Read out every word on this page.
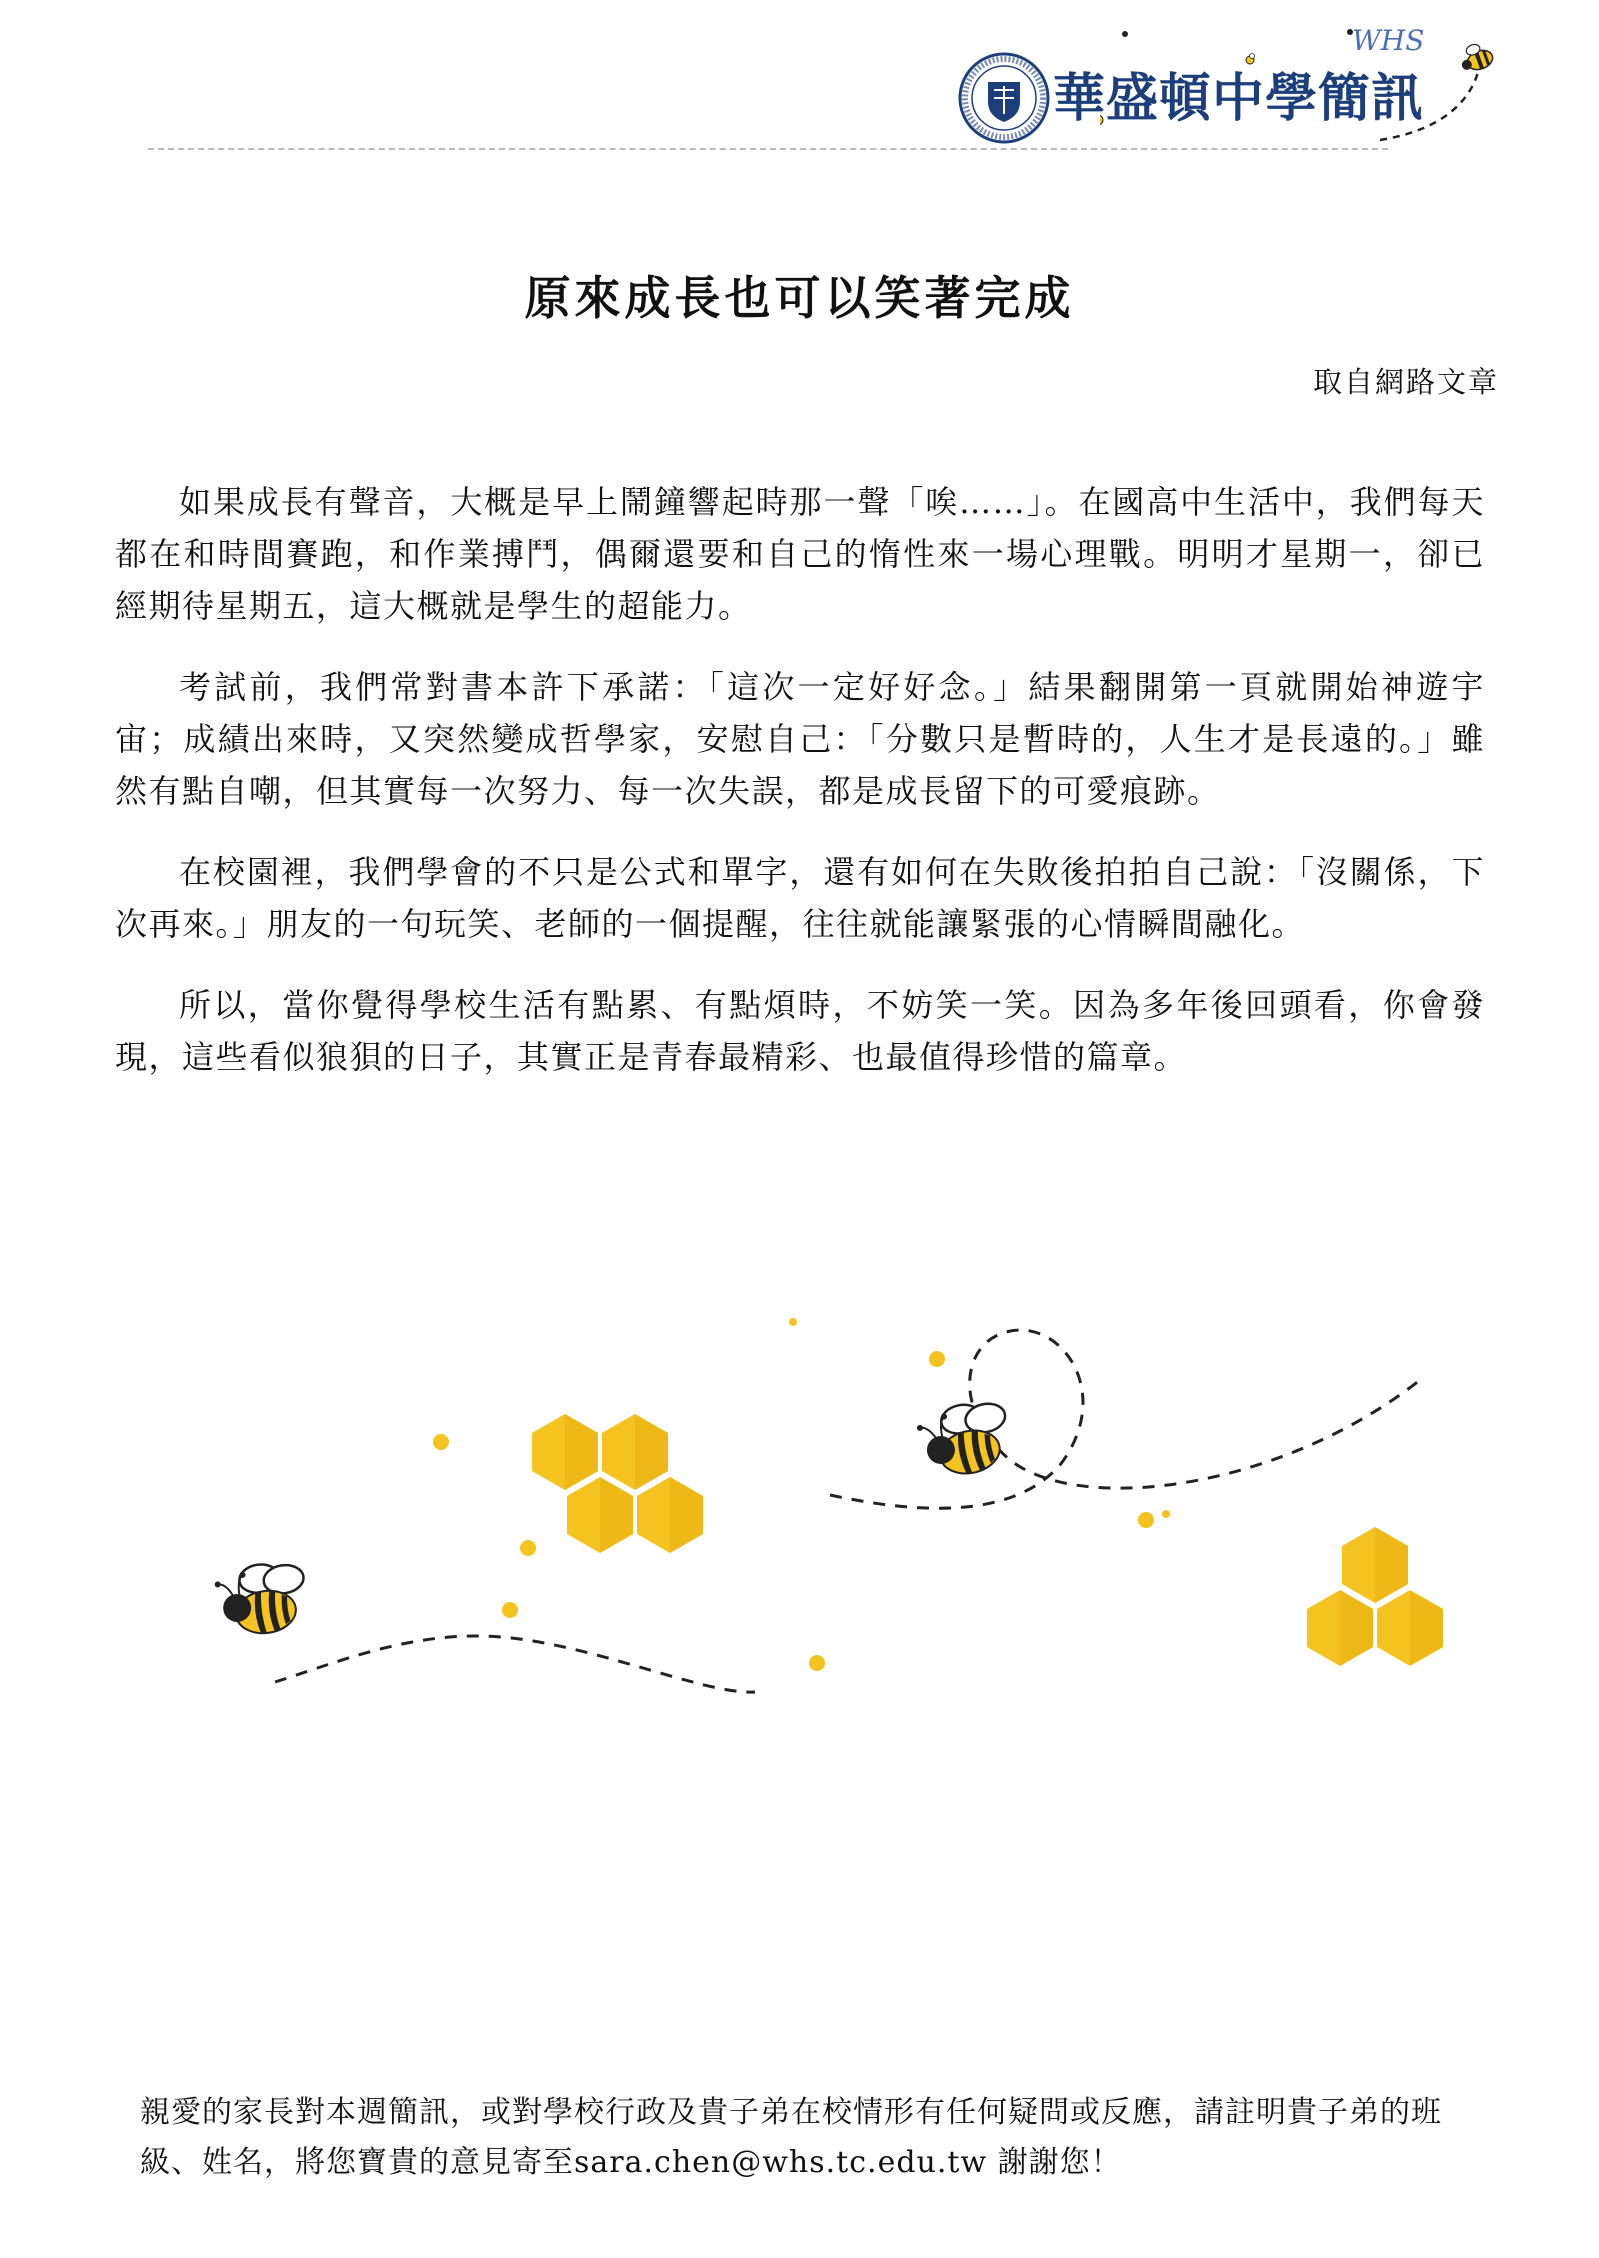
華盛頓中學簡訊
WHS
原來成長也可以笑著完成
取自網路文章

如果成長有聲音，大概是早上鬧鐘響起時那一聲「唉……」。在國高中生活中，我們每天都在和時間賽跑，和作業搏鬥，偶爾還要和自己的惰性來一場心理戰。明明才星期一，卻已經期待星期五，這大概就是學生的超能力。

考試前，我們常對書本許下承諾：「這次一定好好念。」結果翻開第一頁就開始神遊宇宙；成績出來時，又突然變成哲學家，安慰自己：「分數只是暫時的，人生才是長遠的。」雖然有點自嘲，但其實每一次努力、每一次失誤，都是成長留下的可愛痕跡。

在校園裡，我們學會的不只是公式和單字，還有如何在失敗後拍拍自己說：「沒關係，下次再來。」朋友的一句玩笑、老師的一個提醒，往往就能讓緊張的心情瞬間融化。

所以，當你覺得學校生活有點累、有點煩時，不妨笑一笑。因為多年後回頭看，你會發現，這些看似狼狽的日子，其實正是青春最精彩、也最值得珍惜的篇章。

親愛的家長對本週簡訊，或對學校行政及貴子弟在校情形有任何疑問或反應，請註明貴子弟的班級、姓名，將您寶貴的意見寄至sara.chen@whs.tc.edu.tw 謝謝您！
